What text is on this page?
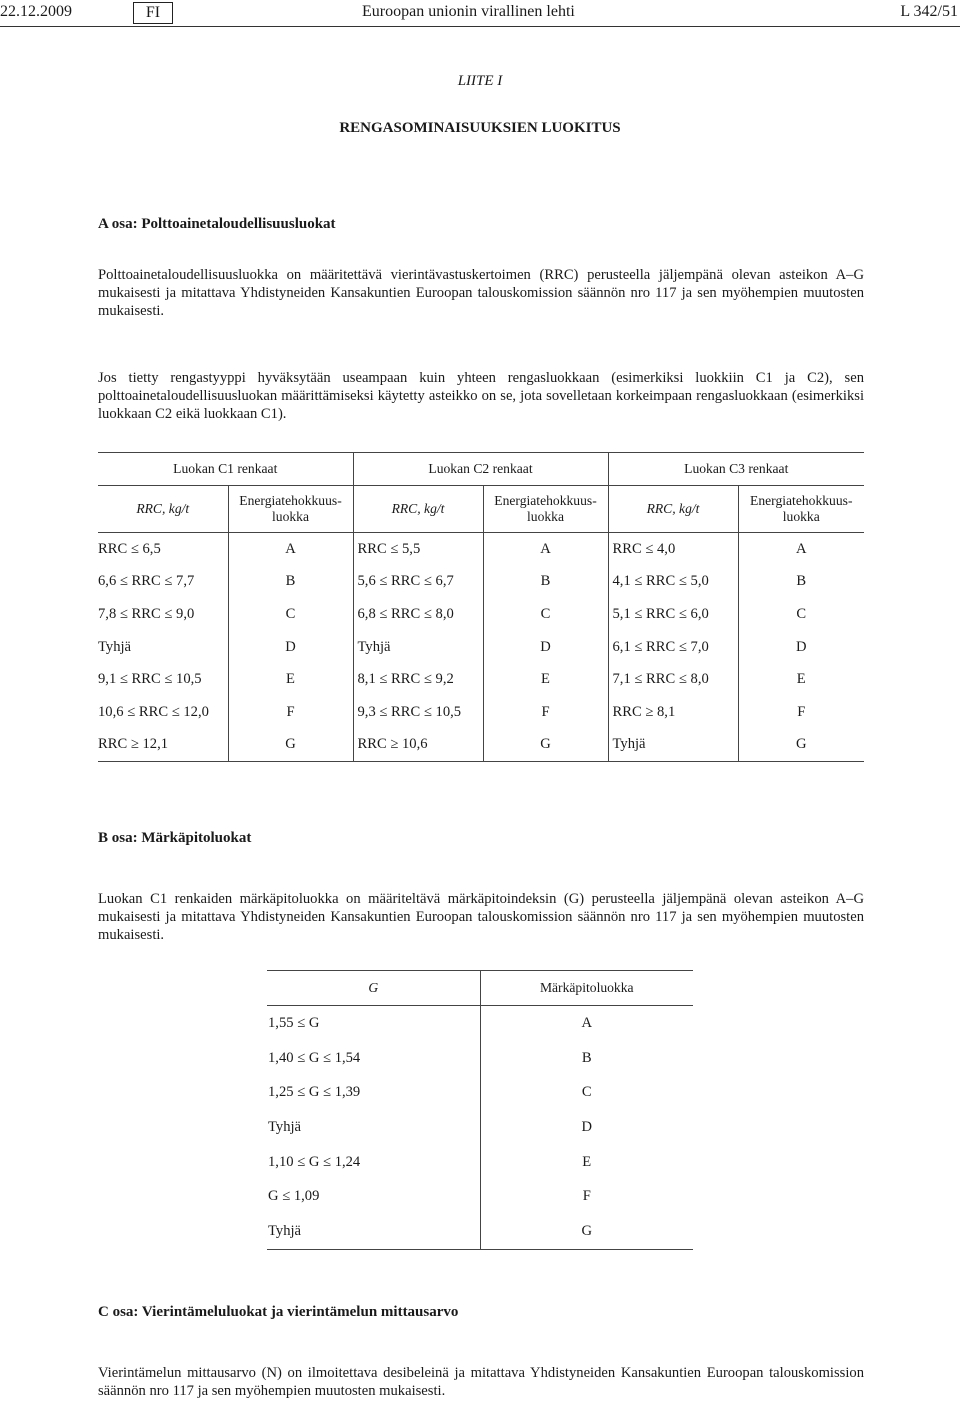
22.12.2009	FI	Euroopan unionin virallinen lehti	L 342/51
LIITE I
RENGASOMINAISUUKSIEN LUOKITUS
A osa: Polttoainetaloudellisuusluokat
Polttoainetaloudellisuusluokka on määritettävä vierintävastuskertoimen (RRC) perusteella jäljempänä olevan asteikon A–G mukaisesti ja mitattava Yhdistyneiden Kansakuntien Euroopan talouskomission säännön nro 117 ja sen myöhempien muutosten mukaisesti.
Jos tietty rengastyyppi hyväksytään useampaan kuin yhteen rengasluokkaan (esimerkiksi luokkiin C1 ja C2), sen polttoainetaloudellisuusluokan määrittämiseksi käytetty asteikko on se, jota sovelletaan korkeimpaan rengasluokkaan (esimerkiksi luokkaan C2 eikä luokkaan C1).
Luokan C1 renkaat		Luokan C2 renkaat		Luokan C3 renkaat	
RRC, kg/t	Energiatehokkuusluokka	RRC, kg/t	Energiatehokkuusluokka	RRC, kg/t	Energiatehokkuusluokka
RRC ≤ 6,5	A	RRC ≤ 5,5	A	RRC ≤ 4,0	A
6,6 ≤ RRC ≤ 7,7	B	5,6 ≤ RRC ≤ 6,7	B	4,1 ≤ RRC ≤ 5,0	B
7,8 ≤ RRC ≤ 9,0	C	6,8 ≤ RRC ≤ 8,0	C	5,1 ≤ RRC ≤ 6,0	C
Tyhjä	D	Tyhjä	D	6,1 ≤ RRC ≤ 7,0	D
9,1 ≤ RRC ≤ 10,5	E	8,1 ≤ RRC ≤ 9,2	E	7,1 ≤ RRC ≤ 8,0	E
10,6 ≤ RRC ≤ 12,0	F	9,3 ≤ RRC ≤ 10,5	F	RRC ≥ 8,1	F
RRC ≥ 12,1	G	RRC ≥ 10,6	G	Tyhjä	G
B osa: Märkäpitoluokat
Luokan C1 renkaiden märkäpitoluokka on määriteltävä märkäpitoindeksin (G) perusteella jäljempänä olevan asteikon A–G mukaisesti ja mitattava Yhdistyneiden Kansakuntien Euroopan talouskomission säännön nro 117 ja sen myöhempien muutosten mukaisesti.
G	Märkäpitoluokka
1,55 ≤ G	A
1,40 ≤ G ≤ 1,54	B
1,25 ≤ G ≤ 1,39	C
Tyhjä	D
1,10 ≤ G ≤ 1,24	E
G ≤ 1,09	F
Tyhjä	G
C osa: Vierintämeluluokat ja vierintämelun mittausarvo
Vierintämelun mittausarvo (N) on ilmoitettava desibeleinä ja mitattava Yhdistyneiden Kansakuntien Euroopan talouskomission säännön nro 117 ja sen myöhempien muutosten mukaisesti.
